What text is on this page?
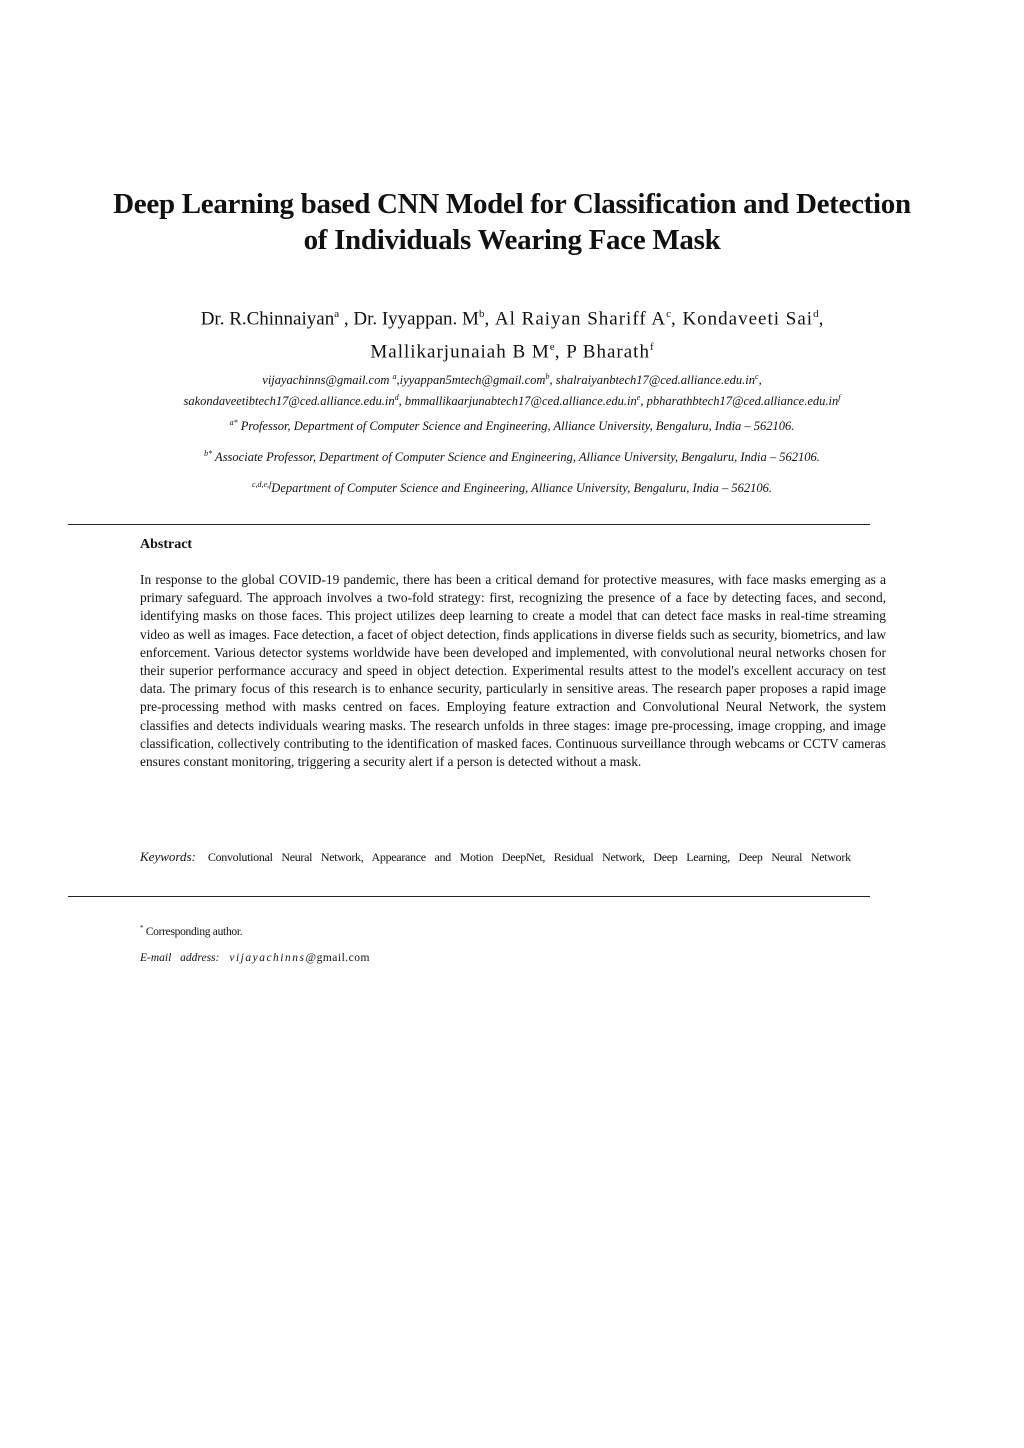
Deep Learning based CNN Model for Classification and Detection of Individuals Wearing Face Mask
Dr. R.Chinnaiyan$^a$ , Dr. Iyyappan. $M^b$, Al Raiyan Shariff $A^c$, Kondaveeti Sai$^d$,
Mallikarjunaiah B Me, P Bharath$^f$
vijayachinns@gmail.com $^a$,iyyappan5mtech@gmail.com$^b$, $shalraiyanbtech17@ced.alliance.edu.in^c$,
$sakondaveetibtech17@ced.alliance.edu.in^d$, $bmmallikaarjunabtech17@ced.alliance.edu.in^e$, $pbharathbtech17@ced.alliance.edu.in^f$
$^{a*}$ Professor, Department of Computer Science and Engineering, Alliance University, Bengaluru, India – 562106.
$^{b*}$ Associate Professor, Department of Computer Science and Engineering, Alliance University, Bengaluru, India – 562106.
$^{c,d,e,f}$Department of Computer Science and Engineering, Alliance University, Bengaluru, India – 562106.
Abstract

In response to the global COVID-19 pandemic, there has been a critical demand for protective measures, with face masks emerging as a primary safeguard. The approach involves a two-fold strategy: first, recognizing the presence of a face by detecting faces, and second, identifying masks on those faces. This project utilizes deep learning to create a model that can detect face masks in real-time streaming video as well as images. Face detection, a facet of object detection, finds applications in diverse fields such as security, biometrics, and law enforcement. Various detector systems worldwide have been developed and implemented, with convolutional neural networks chosen for their superior performance accuracy and speed in object detection. Experimental results attest to the model's excellent accuracy on test data. The primary focus of this research is to enhance security, particularly in sensitive areas. The research paper proposes a rapid image pre-processing method with masks centred on faces. Employing feature extraction and Convolutional Neural Network, the system classifies and detects individuals wearing masks. The research unfolds in three stages: image pre-processing, image cropping, and image classification, collectively contributing to the identification of masked faces. Continuous surveillance through webcams or CCTV cameras ensures constant monitoring, triggering a security alert if a person is detected without a mask.

Keywords: Convolutional Neural Network, Appearance and Motion DeepNet, Residual Network, Deep Learning, Deep Neural Network
* Corresponding author.
E-mail address: vijayachinns@gmail.com
